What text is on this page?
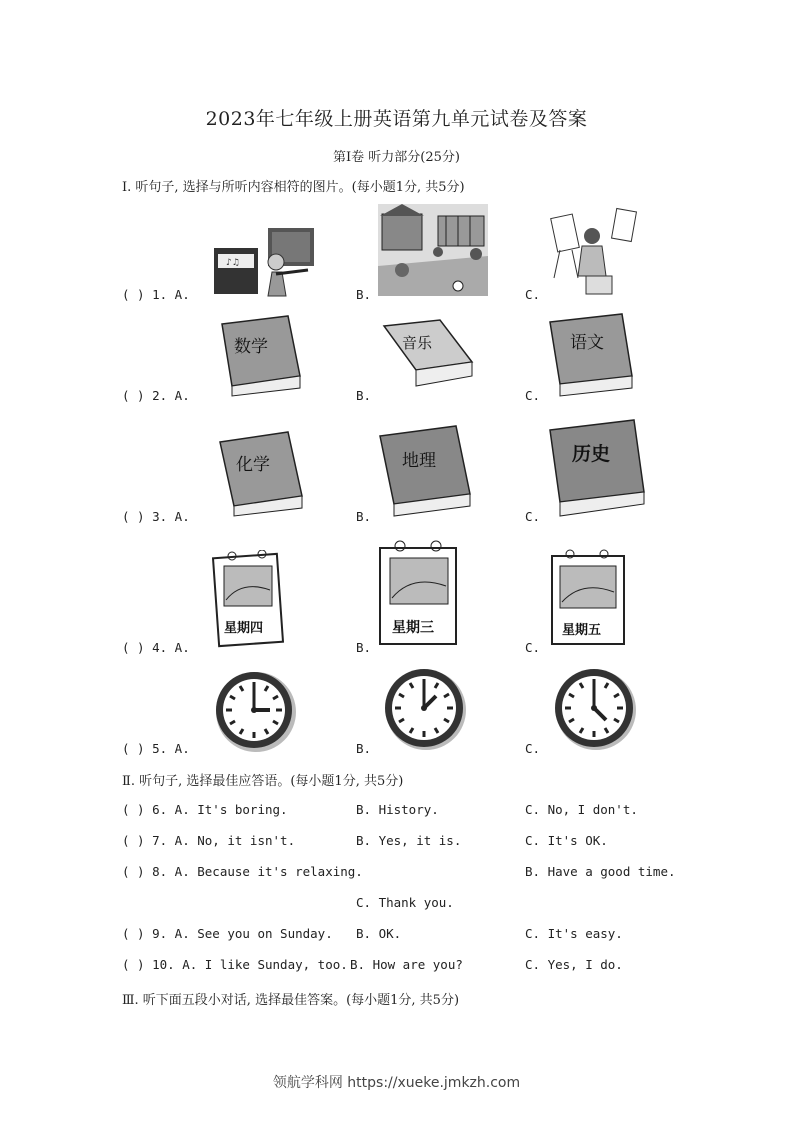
2023年七年级上册英语第九单元试卷及答案
第Ⅰ卷 听力部分(25分)
Ⅰ. 听句子, 选择与所听内容相符的图片。(每小题1分, 共5分)
♪♫
( ) 1. A.	B.	C.
数学	音乐	语文
( ) 2. A.	B.	C.
化学	地理	历史
( ) 3. A.	B.	C.
星期四	星期三	星期五
( ) 4. A.	B.	C.
( ) 5. A.	B.	C.
Ⅱ. 听句子, 选择最佳应答语。(每小题1分, 共5分)
( ) 6. A. It's boring.	B. History.	C. No, I don't.
( ) 7. A. No, it isn't.	B. Yes, it is.	C. It's OK.
( ) 8. A. Because it's relaxing.	B. Have a good time.
C. Thank you.
( ) 9. A. See you on Sunday. B. OK.	C. It's easy.
( ) 10. A. I like Sunday, too. B. How are you?	C. Yes, I do.
Ⅲ. 听下面五段小对话, 选择最佳答案。(每小题1分, 共5分)
领航学科网 https://xueke.jmkzh.com
